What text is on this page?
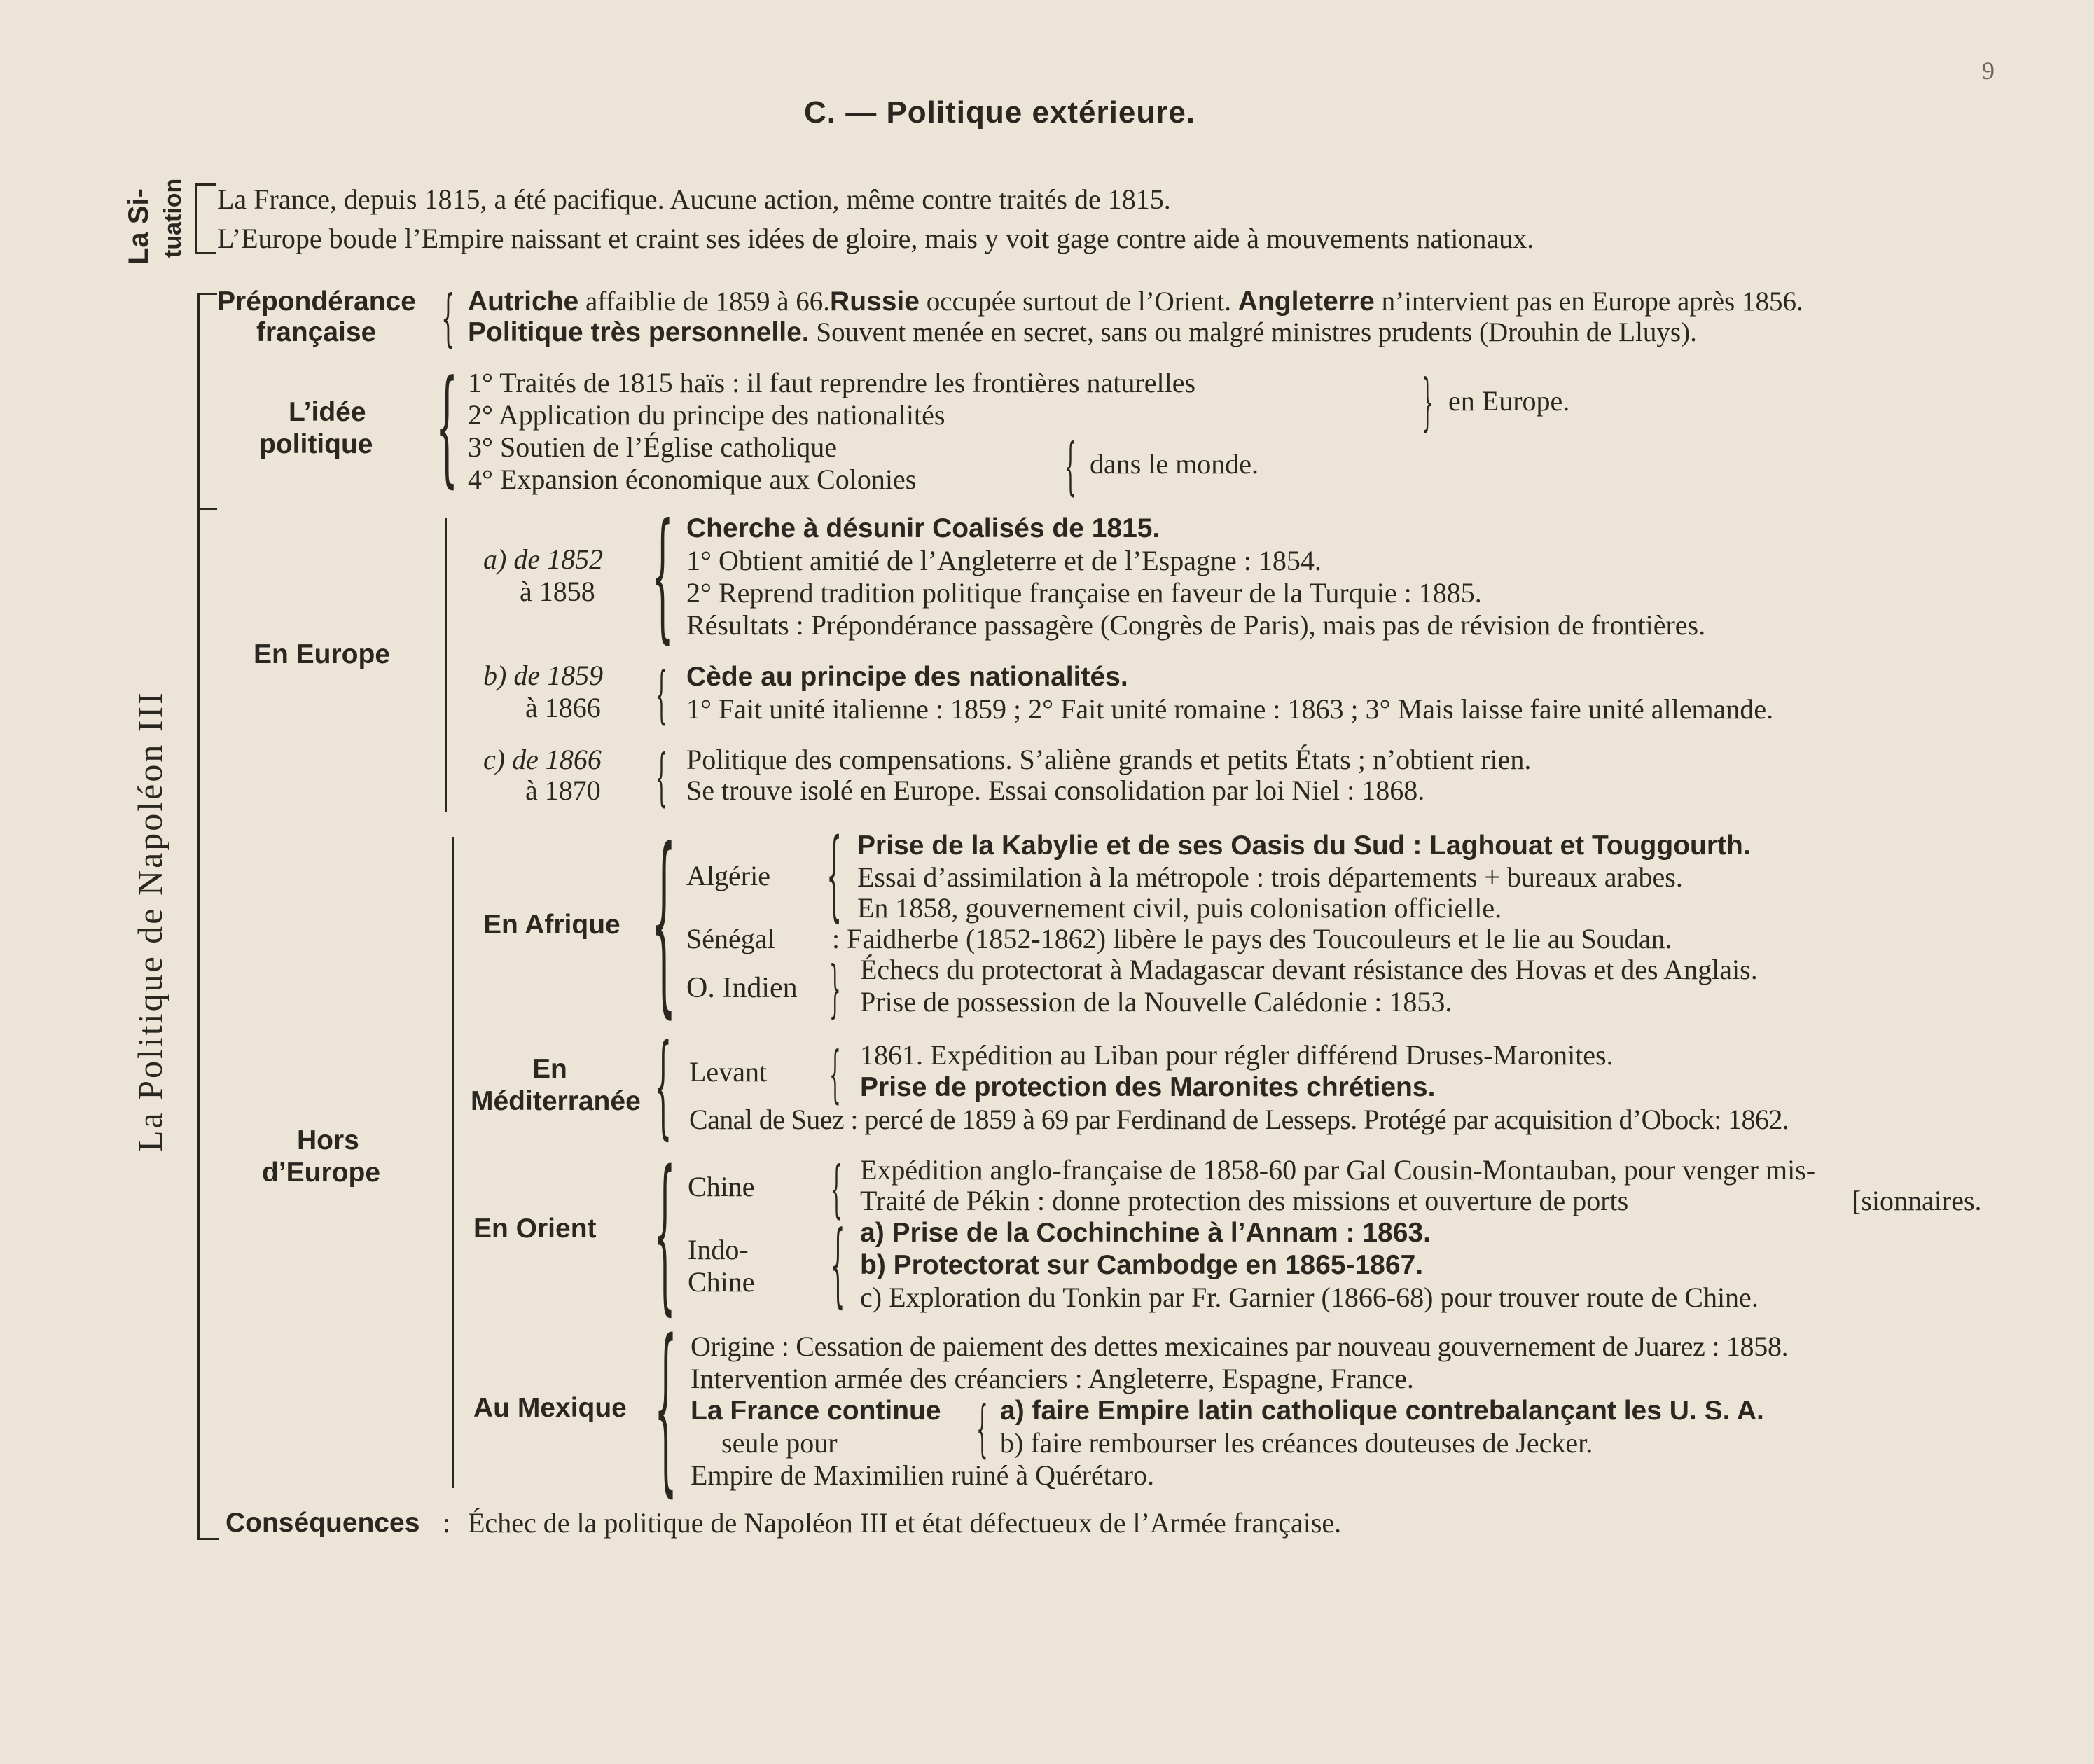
9
C. — Politique extérieure.
La Si- tuation
La Politique de Napoléon III
La France, depuis 1815, a été pacifique. Aucune action, même contre traités de 1815.
L’Europe boude l’Empire naissant et craint ses idées de gloire, mais y voit gage contre aide à mouvements nationaux.
Prépondérance
française { Autriche affaiblie de 1859 à 66.Russie occupée surtout de l’Orient. Angleterre n’intervient pas en Europe après 1856.
Politique très personnelle. Souvent menée en secret, sans ou malgré ministres prudents (Drouhin de Lluys).
L’idée
politique { 1° Traités de 1815 haïs : il faut reprendre les frontières naturelles
2° Application du principe des nationalités
3° Soutien de l’Église catholique
4° Expansion économique aux Colonies
} en Europe.
{ dans le monde.
En Europe
a) de 1852
à 1858 { Cherche à désunir Coalisés de 1815.
1° Obtient amitié de l’Angleterre et de l’Espagne : 1854.
2° Reprend tradition politique française en faveur de la Turquie : 1885.
Résultats : Prépondérance passagère (Congrès de Paris), mais pas de révision de frontières.
b) de 1859
à 1866 { Cède au principe des nationalités.
1° Fait unité italienne : 1859 ; 2° Fait unité romaine : 1863 ; 3° Mais laisse faire unité allemande.
c) de 1866
à 1870 { Politique des compensations. S’aliène grands et petits États ; n’obtient rien.
Se trouve isolé en Europe. Essai consolidation par loi Niel : 1868.
Hors
d’Europe
En Afrique { Algérie { Prise de la Kabylie et de ses Oasis du Sud : Laghouat et Touggourth.
Essai d’assimilation à la métropole : trois départements + bureaux arabes.
En 1858, gouvernement civil, puis colonisation officielle.
Sénégal : Faidherbe (1852-1862) libère le pays des Toucouleurs et le lie au Soudan.
O. Indien } Échecs du protectorat à Madagascar devant résistance des Hovas et des Anglais.
Prise de possession de la Nouvelle Calédonie : 1853.
En
Méditerranée { Levant { 1861. Expédition au Liban pour régler différend Druses-Maronites.
Prise de protection des Maronites chrétiens.
Canal de Suez : percé de 1859 à 69 par Ferdinand de Lesseps. Protégé par acquisition d’Obock: 1862.
En Orient { Chine { Expédition anglo-française de 1858-60 par Gal Cousin-Montauban, pour venger mis-
Traité de Pékin : donne protection des missions et ouverture de ports	[sionnaires.
Indo-
Chine { a) Prise de la Cochinchine à l’Annam : 1863.
b) Protectorat sur Cambodge en 1865-1867.
c) Exploration du Tonkin par Fr. Garnier (1866-68) pour trouver route de Chine.
Au Mexique { Origine : Cessation de paiement des dettes mexicaines par nouveau gouvernement de Juarez : 1858.
Intervention armée des créanciers : Angleterre, Espagne, France.
La France continue
seule pour { a) faire Empire latin catholique contrebalançant les U. S. A.
b) faire rembourser les créances douteuses de Jecker.
Empire de Maximilien ruiné à Quérétaro.
Conséquences : Échec de la politique de Napoléon III et état défectueux de l’Armée française.
